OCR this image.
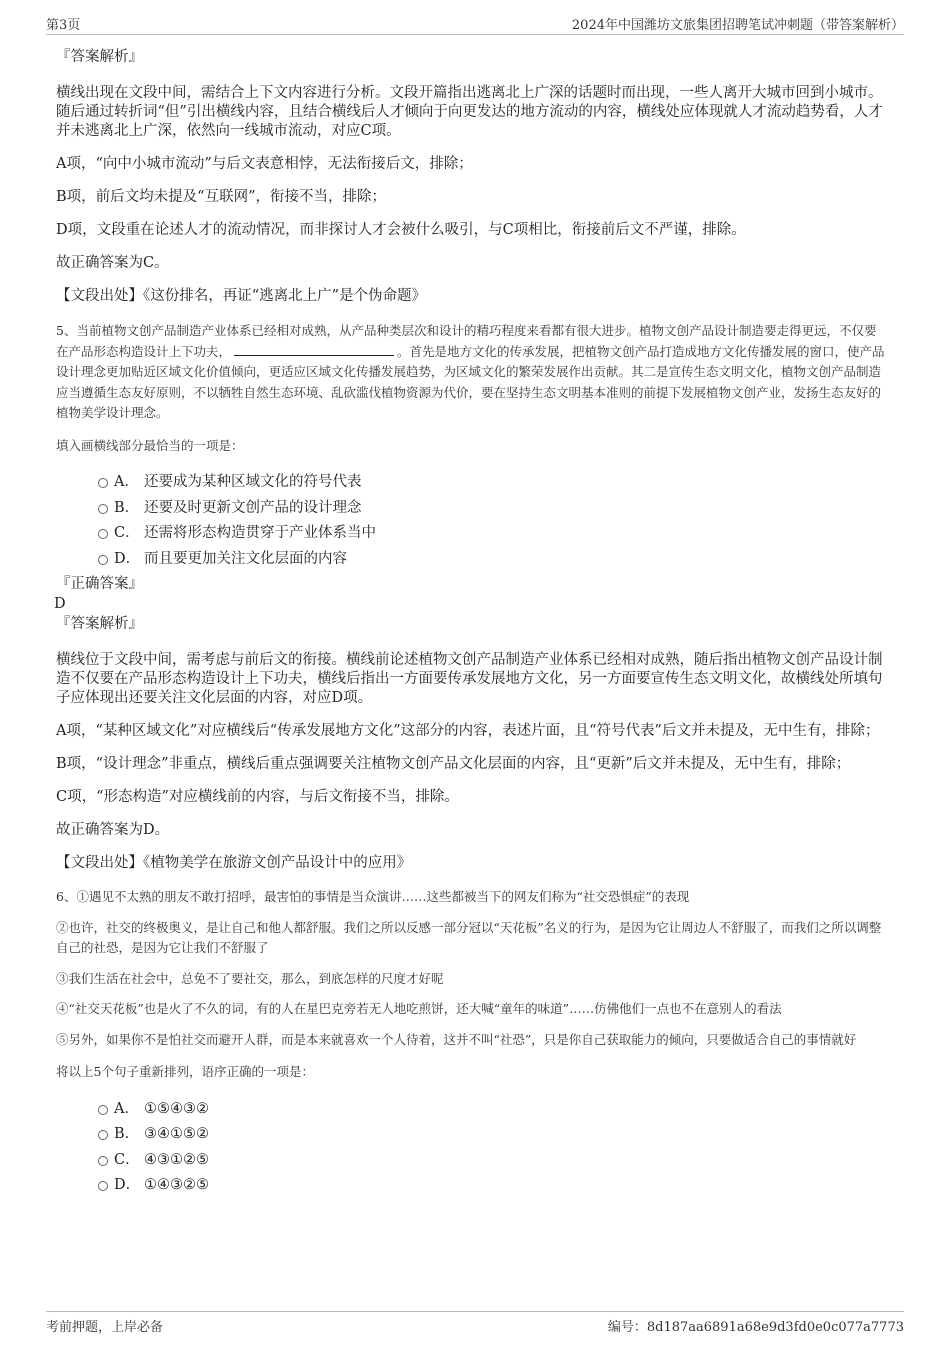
第3页	2024年中国潍坊文旅集团招聘笔试冲刺题（带答案解析）

『答案解析』

横线出现在文段中间，需结合上下文内容进行分析。文段开篇指出逃离北上广深的话题时而出现，一些人离开大城市回到小城市。随后通过转折词“但”引出横线内容，且结合横线后人才倾向于向更发达的地方流动的内容，横线处应体现就人才流动趋势看，人才并未逃离北上广深，依然向一线城市流动，对应C项。

A项，“向中小城市流动”与后文表意相悖，无法衔接后文，排除；

B项，前后文均未提及“互联网”，衔接不当，排除；

D项，文段重在论述人才的流动情况，而非探讨人才会被什么吸引，与C项相比，衔接前后文不严谨，排除。

故正确答案为C。

【文段出处】《这份排名，再证“逃离北上广”是个伪命题》

5、当前植物文创产品制造产业体系已经相对成熟，从产品种类层次和设计的精巧程度来看都有很大进步。植物文创产品设计制造要走得更远，不仅要在产品形态构造设计上下功夫，	。首先是地方文化的传承发展，把植物文创产品打造成地方文化传播发展的窗口，使产品设计理念更加贴近区域文化价值倾向，更适应区域文化传播发展趋势，为区域文化的繁荣发展作出贡献。其二是宣传生态文明文化，植物文创产品制造应当遵循生态友好原则，不以牺牲自然生态环境、乱砍滥伐植物资源为代价，要在坚持生态文明基本准则的前提下发展植物文创产业，发扬生态友好的植物美学设计理念。

填入画横线部分最恰当的一项是：

A． 还要成为某种区域文化的符号代表
B． 还要及时更新文创产品的设计理念
C． 还需将形态构造贯穿于产业体系当中
D． 而且要更加关注文化层面的内容

『正确答案』

D

『答案解析』

横线位于文段中间，需考虑与前后文的衔接。横线前论述植物文创产品制造产业体系已经相对成熟，随后指出植物文创产品设计制造不仅要在产品形态构造设计上下功夫，横线后指出一方面要传承发展地方文化，另一方面要宣传生态文明文化，故横线处所填句子应体现出还要关注文化层面的内容，对应D项。

A项，“某种区域文化”对应横线后“传承发展地方文化”这部分的内容，表述片面，且“符号代表”后文并未提及，无中生有，排除；

B项，“设计理念”非重点，横线后重点强调要关注植物文创产品文化层面的内容，且“更新”后文并未提及，无中生有，排除；

C项，“形态构造”对应横线前的内容，与后文衔接不当，排除。

故正确答案为D。

【文段出处】《植物美学在旅游文创产品设计中的应用》

6、①遇见不太熟的朋友不敢打招呼，最害怕的事情是当众演讲……这些都被当下的网友们称为“社交恐惧症”的表现

②也许，社交的终极奥义，是让自己和他人都舒服。我们之所以反感一部分冠以“天花板”名义的行为，是因为它让周边人不舒服了，而我们之所以调整自己的社恐，是因为它让我们不舒服了

③我们生活在社会中，总免不了要社交，那么，到底怎样的尺度才好呢

④“社交天花板”也是火了不久的词，有的人在星巴克旁若无人地吃煎饼，还大喊“童年的味道”……仿佛他们一点也不在意别人的看法

⑤另外，如果你不是怕社交而避开人群，而是本来就喜欢一个人待着，这并不叫“社恐”，只是你自己获取能力的倾向，只要做适合自己的事情就好

将以上5个句子重新排列，语序正确的一项是：

A． ①⑤④③②
B． ③④①⑤②
C． ④③①②⑤
D． ①④③②⑤
考前押题，上岸必备	编号：8d187aa6891a68e9d3fd0e0c077a7773
